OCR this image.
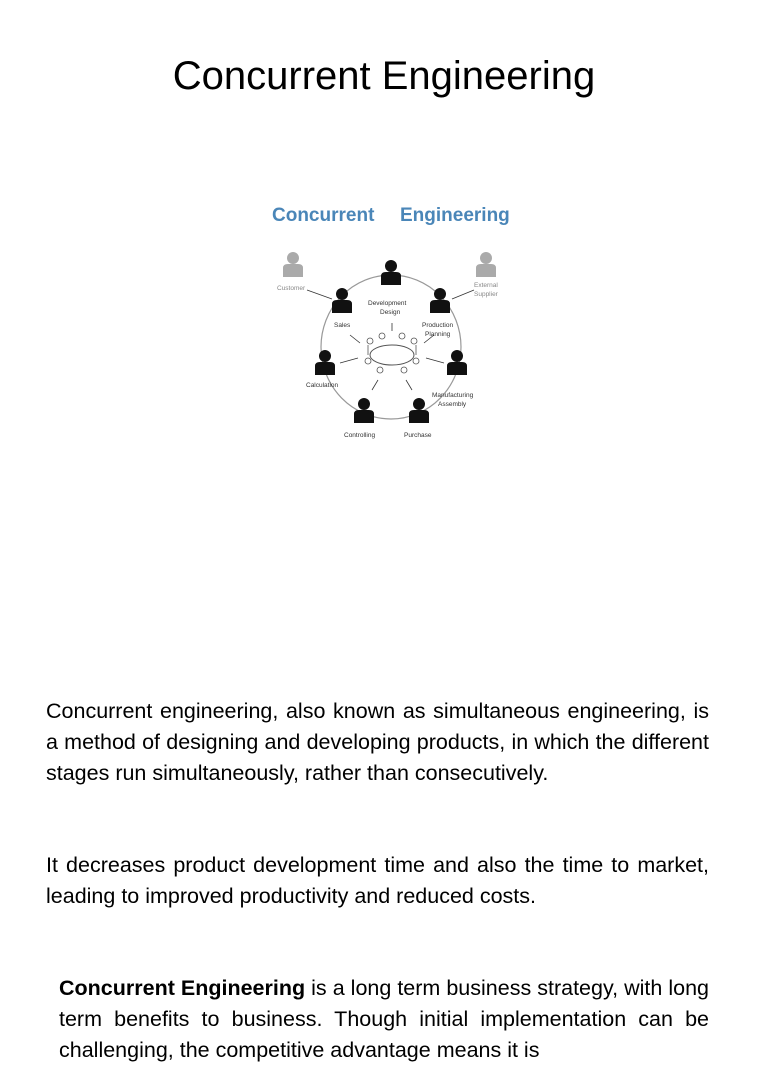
Concurrent Engineering
Concurrent Engineering
Customer	External
Supplier
Development
Design
Sales	Production
Planning
Calculation
Manufacturing
Assembly
Controlling	Purchase

Concurrent engineering, also known as simultaneous engineering, is a method of designing and developing products, in which the different stages run simultaneously, rather than consecutively.

It decreases product development time and also the time to market, leading to improved productivity and reduced costs.

Concurrent Engineering is a long term business strategy, with long term benefits to business. Though initial implementation can be challenging, the competitive advantage means it is
